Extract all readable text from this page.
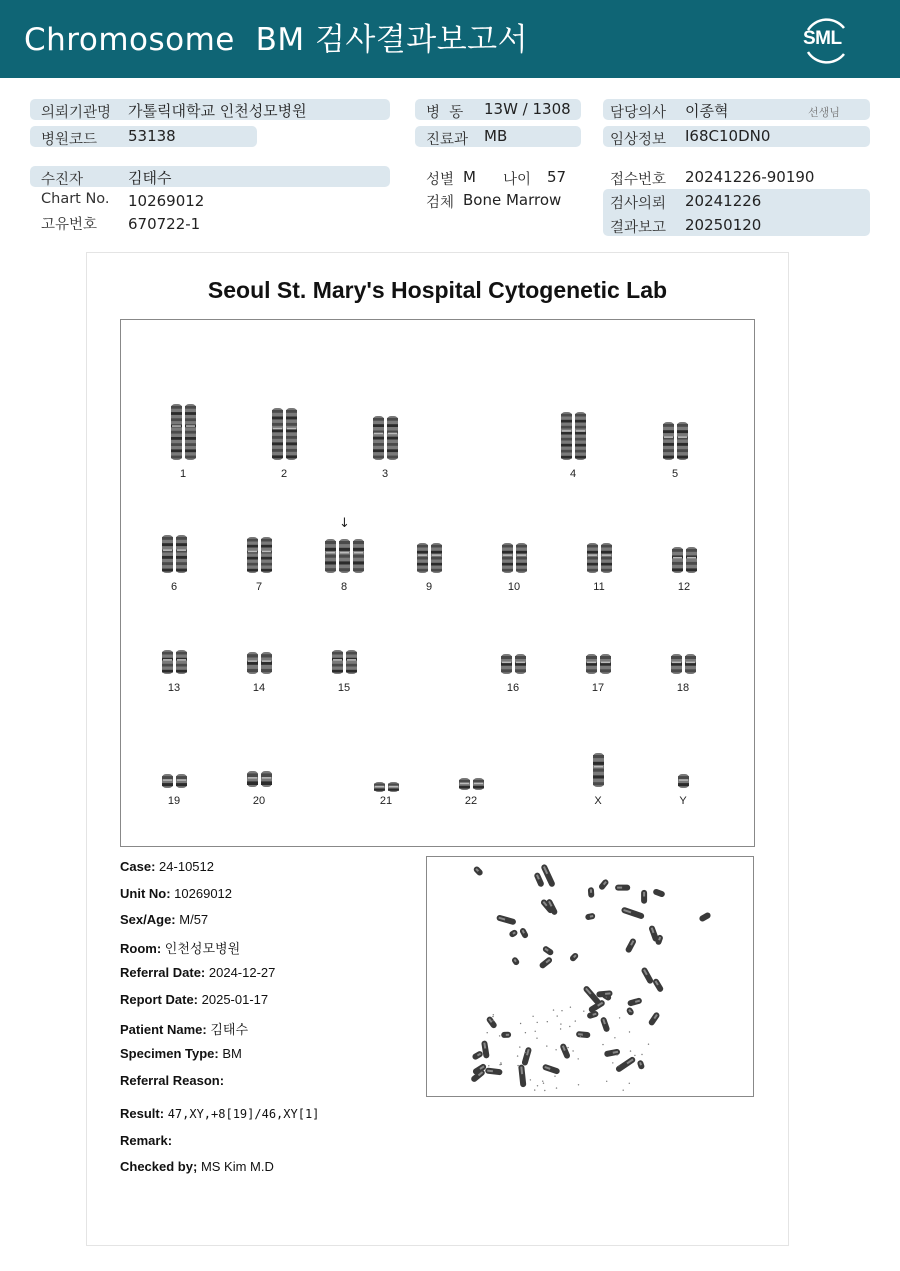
Chromosome  BM 검사결과보고서	SML
의뢰기관명 가톨릭대학교 인천성모병원
병원코드 53138
병  동 13W / 1308
진료과 MB
담당의사 이종혁	선생님
임상정보 I68C10DN0
수진자	김태수
Chart No. 10269012
고유번호 670722-1
성별 M 나이 57
검체 Bone Marrow
접수번호 20241226-90190
검사의뢰 20241226
결과보고 20250120
Seoul St. Mary's Hospital Cytogenetic Lab
↓
1	2	3	4	5
6	7	8	9	10	11	12
13	14	15	16	17	18
19	20	21	22	X	Y
Case: 24-10512
Unit No: 10269012
Sex/Age: M/57
Room: 인천성모병원
Referral Date: 2024-12-27
Report Date: 2025-01-17
Patient Name: 김태수
Specimen Type: BM
Referral Reason:
Result: 47,XY,+8[19]/46,XY[1]
Remark:
Checked by; MS Kim M.D
